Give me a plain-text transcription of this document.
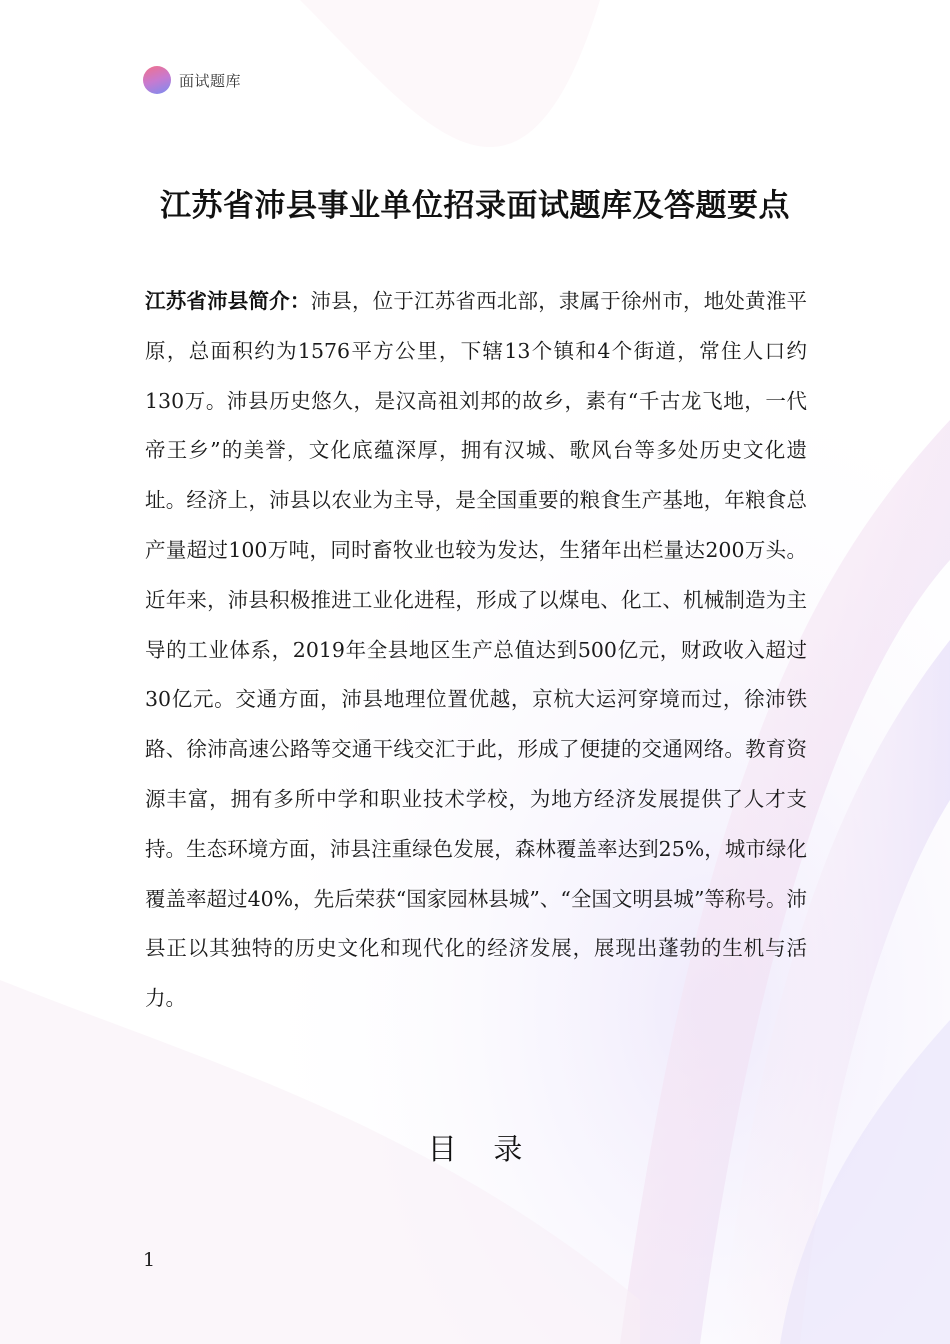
面试题库
江苏省沛县事业单位招录面试题库及答题要点
江苏省沛县简介：沛县，位于江苏省西北部，隶属于徐州市，地处黄淮平原，总面积约为1576平方公里，下辖13个镇和4个街道，常住人口约130万。沛县历史悠久，是汉高祖刘邦的故乡，素有“千古龙飞地，一代帝王乡”的美誉，文化底蕴深厚，拥有汉城、歌风台等多处历史文化遗址。经济上，沛县以农业为主导，是全国重要的粮食生产基地，年粮食总产量超过100万吨，同时畜牧业也较为发达，生猪年出栏量达200万头。近年来，沛县积极推进工业化进程，形成了以煤电、化工、机械制造为主导的工业体系，2019年全县地区生产总值达到500亿元，财政收入超过30亿元。交通方面，沛县地理位置优越，京杭大运河穿境而过，徐沛铁路、徐沛高速公路等交通干线交汇于此，形成了便捷的交通网络。教育资源丰富，拥有多所中学和职业技术学校，为地方经济发展提供了人才支持。生态环境方面，沛县注重绿色发展，森林覆盖率达到25%，城市绿化覆盖率超过40%，先后荣获“国家园林县城”、“全国文明县城”等称号。沛县正以其独特的历史文化和现代化的经济发展，展现出蓬勃的生机与活力。
目    录
1
